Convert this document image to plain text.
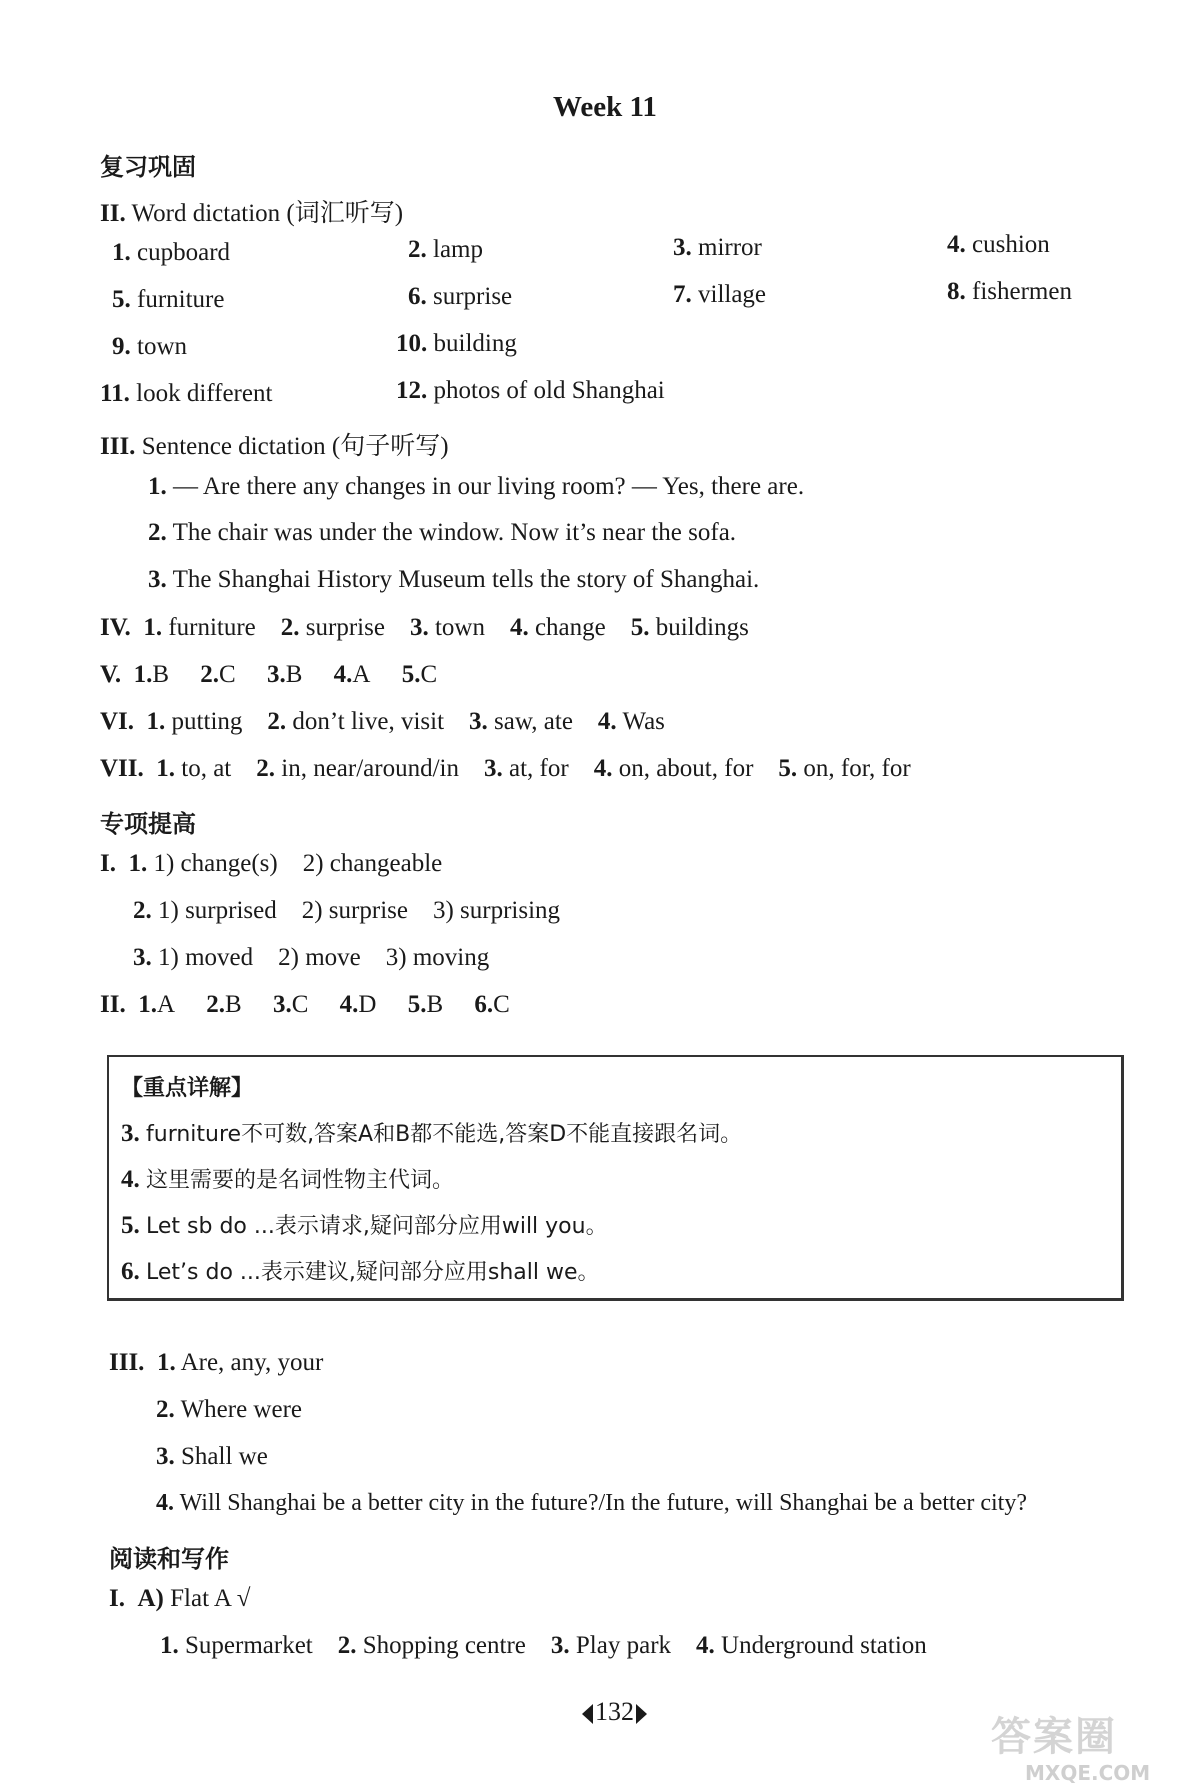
Week 11
复习巩固
II. Word dictation (词汇听写)
1. cupboard	2. lamp	3. mirror	4. cushion
5. furniture	6. surprise	7. village	8. fishermen
9. town	10. building
11. look different	12. photos of old Shanghai
III. Sentence dictation (句子听写)
1. — Are there any changes in our living room? — Yes, there are.
2. The chair was under the window. Now it’s near the sofa.
3. The Shanghai History Museum tells the story of Shanghai.
IV. 1. furniture 2. surprise 3. town 4. change 5. buildings
V. 1.B 2.C 3.B 4.A 5.C
VI. 1. putting 2. don’t live, visit 3. saw, ate 4. Was
VII. 1. to, at 2. in, near/around/in 3. at, for 4. on, about, for 5. on, for, for
专项提高
I. 1. 1) change(s) 2) changeable
2. 1) surprised 2) surprise 3) surprising
3. 1) moved 2) move 3) moving
II. 1.A 2.B 3.C 4.D 5.B 6.C
【重点详解】
3. furniture不可数,答案A和B都不能选,答案D不能直接跟名词。
4. 这里需要的是名词性物主代词。
5. Let sb do ...表示请求,疑问部分应用will you。
6. Let’s do ...表示建议,疑问部分应用shall we。
III. 1. Are, any, your
2. Where were
3. Shall we
4. Will Shanghai be a better city in the future?/In the future, will Shanghai be a better city?
阅读和写作
I. A) Flat A √
1. Supermarket 2. Shopping centre 3. Play park 4. Underground station
132
答案圈
MXQE.COM
